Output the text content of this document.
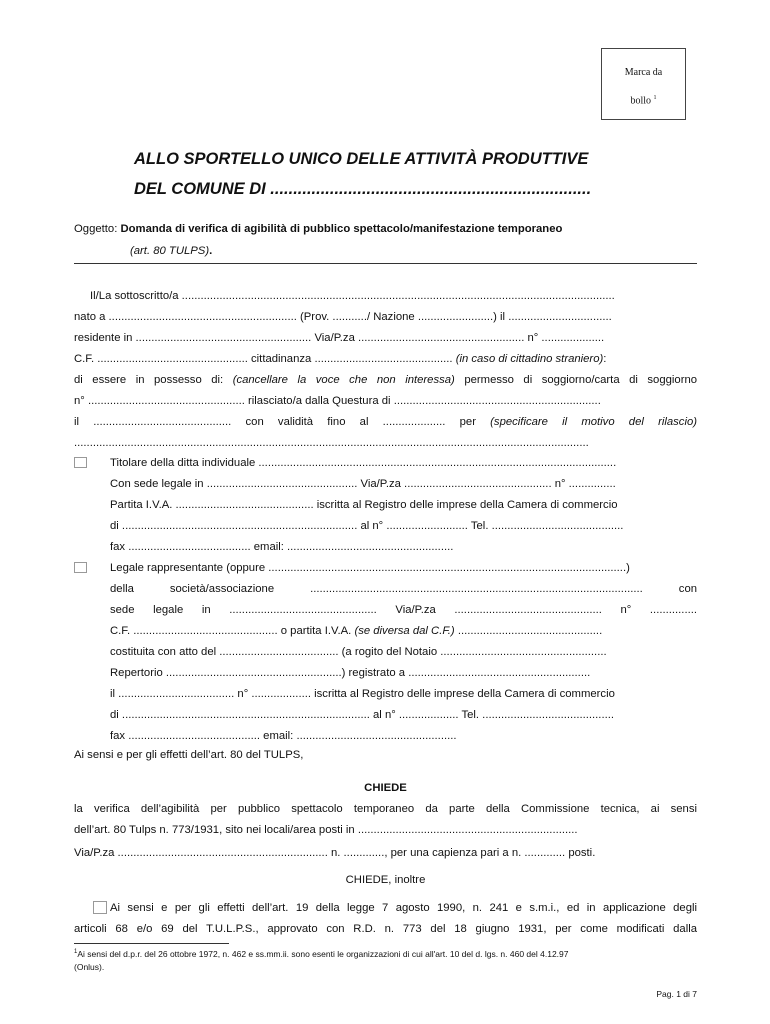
Marca da
bollo $^1$
ALLO SPORTELLO UNICO DELLE ATTIVITÀ PRODUTTIVE
DEL COMUNE DI ......................................................................
Oggetto: Domanda di verifica di agibilità di pubblico spettacolo/manifestazione temporaneo
(art. 80 TULPS).
Il/La sottoscritto/a ..........................................................................................................................................
nato a ............................................................ (Prov. .........../ Nazione ........................) il .................................
residente in ........................................................ Via/P.za ..................................................... n° ....................
C.F. ................................................ cittadinanza ............................................ (in caso di cittadino straniero):
di essere in possesso di: (cancellare la voce che non interessa) permesso di soggiorno/carta di soggiorno
n° .................................................. rilasciato/a dalla Questura di ..................................................................
il ............................................ con validità fino al .................... per (specificare il motivo del rilascio)
....................................................................................................................................................................
Titolare della ditta individuale ..................................................................................................................
Con sede legale in ................................................ Via/P.za ............................................... n° ...............
Partita I.V.A. ............................................ iscritta al Registro delle imprese della Camera di commercio
di ........................................................................... al n° .......................... Tel. ..........................................
fax ....................................... email: .....................................................
Legale rappresentante (oppure ..................................................................................................................)
della società/associazione ..........................................................................................................	con
sede legale in ............................................... Via/P.za ............................................... n° ...............
C.F. .............................................. o partita I.V.A. (se diversa dal C.F.) ..............................................
costituita con atto del ...................................... (a rogito del Notaio .....................................................
Repertorio ........................................................) registrato a ..........................................................
il ..................................... n° ................... iscritta al Registro delle imprese della Camera di commercio
di ............................................................................... al n° ................... Tel. ..........................................
fax .......................................... email: ...................................................
Ai sensi e per gli effetti dell’art. 80 del TULPS,
CHIEDE
la verifica dell’agibilità per pubblico spettacolo temporaneo da parte della Commissione tecnica, ai sensi
dell’art. 80 Tulps n. 773/1931, sito nei locali/area posti in ......................................................................
Via/P.za ................................................................... n. ............., per una capienza pari a n. ............. posti.
CHIEDE, inoltre
Ai sensi e per gli effetti dell’art. 19 della legge 7 agosto 1990, n. 241 e s.m.i., ed in applicazione degli
articoli 68 e/o 69 del T.U.L.P.S., approvato con R.D. n. 773 del 18 giugno 1931, per come modificati dalla
$^1$Ai sensi del d.p.r. del 26 ottobre 1972, n. 462 e ss.mm.ii. sono esenti le organizzazioni di cui all'art. 10 del d. lgs. n. 460 del 4.12.97
(Onlus).
Pag. 1 di 7
